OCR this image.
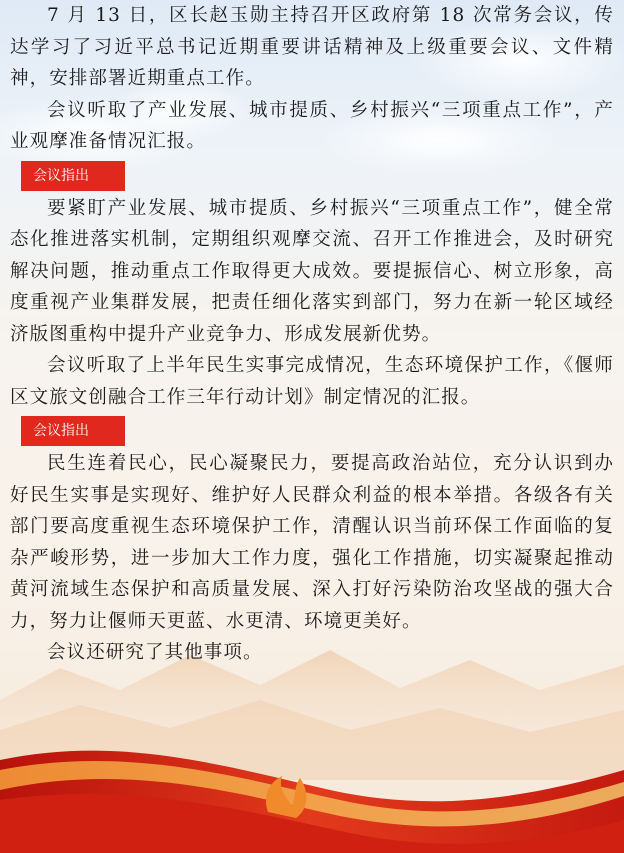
7 月 13 日，区长赵玉勋主持召开区政府第 18 次常务会议，传达学习了习近平总书记近期重要讲话精神及上级重要会议、文件精神，安排部署近期重点工作。

会议听取了产业发展、城市提质、乡村振兴“三项重点工作”，产业观摩准备情况汇报。

会议指出

要紧盯产业发展、城市提质、乡村振兴“三项重点工作”，健全常态化推进落实机制，定期组织观摩交流、召开工作推进会，及时研究解决问题，推动重点工作取得更大成效。要提振信心、树立形象，高度重视产业集群发展，把责任细化落实到部门，努力在新一轮区域经济版图重构中提升产业竞争力、形成发展新优势。

会议听取了上半年民生实事完成情况，生态环境保护工作，《偃师区文旅文创融合工作三年行动计划》制定情况的汇报。

会议指出

民生连着民心，民心凝聚民力，要提高政治站位，充分认识到办好民生实事是实现好、维护好人民群众利益的根本举措。各级各有关部门要高度重视生态环境保护工作，清醒认识当前环保工作面临的复杂严峻形势，进一步加大工作力度，强化工作措施，切实凝聚起推动黄河流域生态保护和高质量发展、深入打好污染防治攻坚战的强大合力，努力让偃师天更蓝、水更清、环境更美好。

会议还研究了其他事项。
